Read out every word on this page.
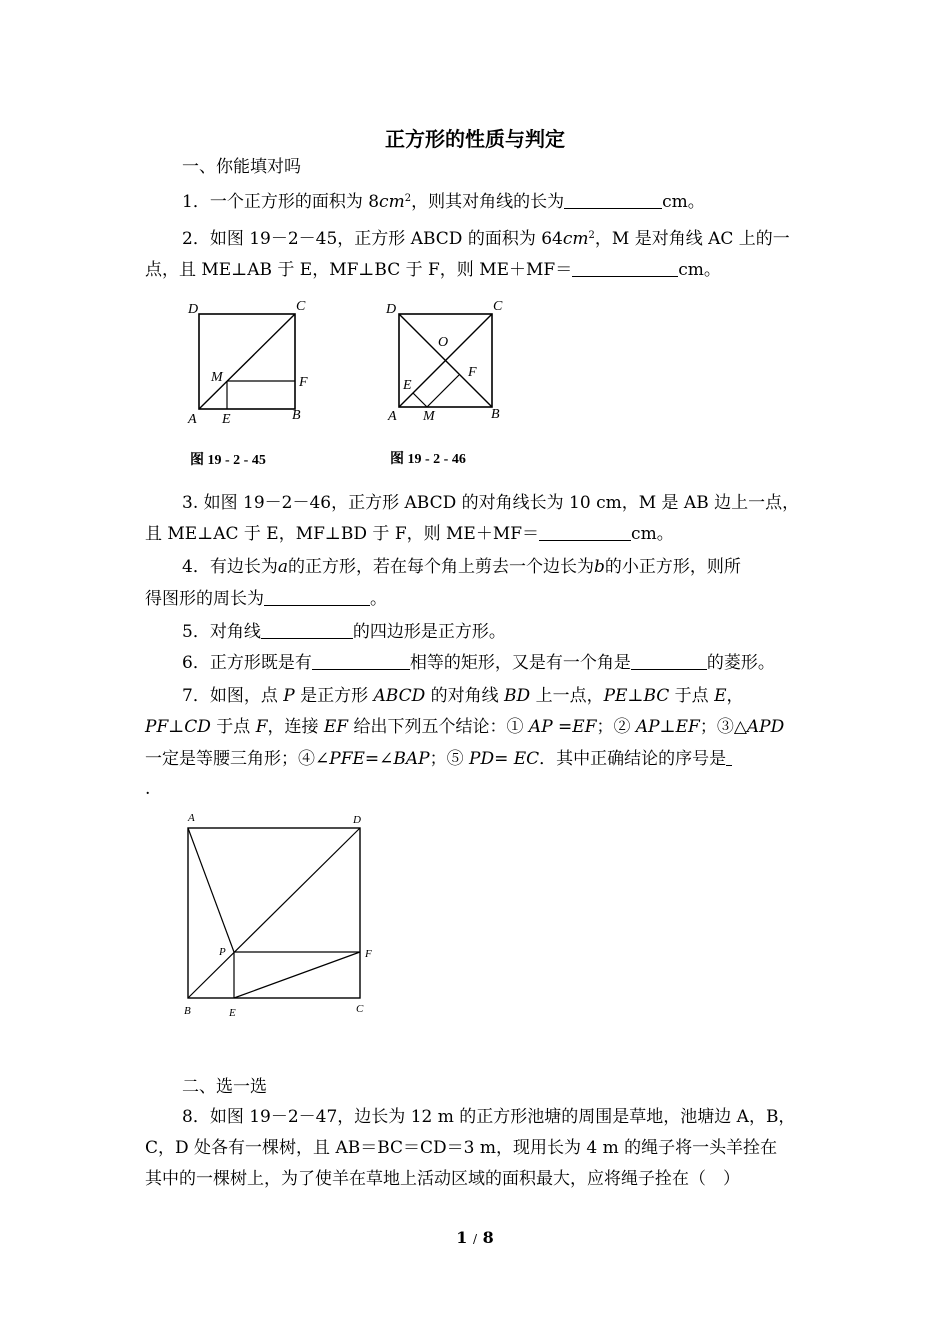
正方形的性质与判定
一、你能填对吗
1．一个正方形的面积为 $8cm^2$，则其对角线的长为	cm。
2．如图 19－2－45，正方形 ABCD 的面积为 $64cm^2$，M 是对角线 AC 上的一
点，且 ME⊥AB 于 E，MF⊥BC 于 F，则 ME＋MF＝	cm。
D	C
M	F
A E	B
图 19 - 2 - 45
D	C
O
E
F
A M	B
图 19 - 2 - 46
3. 如图 19－2－46，正方形 ABCD 的对角线长为 10 cm，M 是 AB 边上一点，
且 ME⊥AC 于 E，MF⊥BD 于 F，则 ME＋MF＝	cm。
4．有边长为a的正方形，若在每个角上剪去一个边长为b的小正方形，则所
得图形的周长为	。
5．对角线	的四边形是正方形。
6．正方形既是有	相等的矩形，又是有一个角是	的菱形。
7．如图，点 P 是正方形 ABCD 的对角线 BD 上一点，PE⊥BC 于点 E，
PF⊥CD 于点 F，连接 EF 给出下列五个结论：① AP =EF；② AP⊥EF；③△APD
一定是等腰三角形；④∠PFE=∠BAP；⑤ PD= EC．其中正确结论的序号是
.
A	D
P	F
B	E	C
二、选一选
8．如图 19－2－47，边长为 12 m 的正方形池塘的周围是草地，池塘边 A，B，
C，D 处各有一棵树，且 AB＝BC＝CD＝3 m，现用长为 4 m 的绳子将一头羊拴在
其中的一棵树上，为了使羊在草地上活动区域的面积最大，应将绳子拴在（　）
1 / 8
